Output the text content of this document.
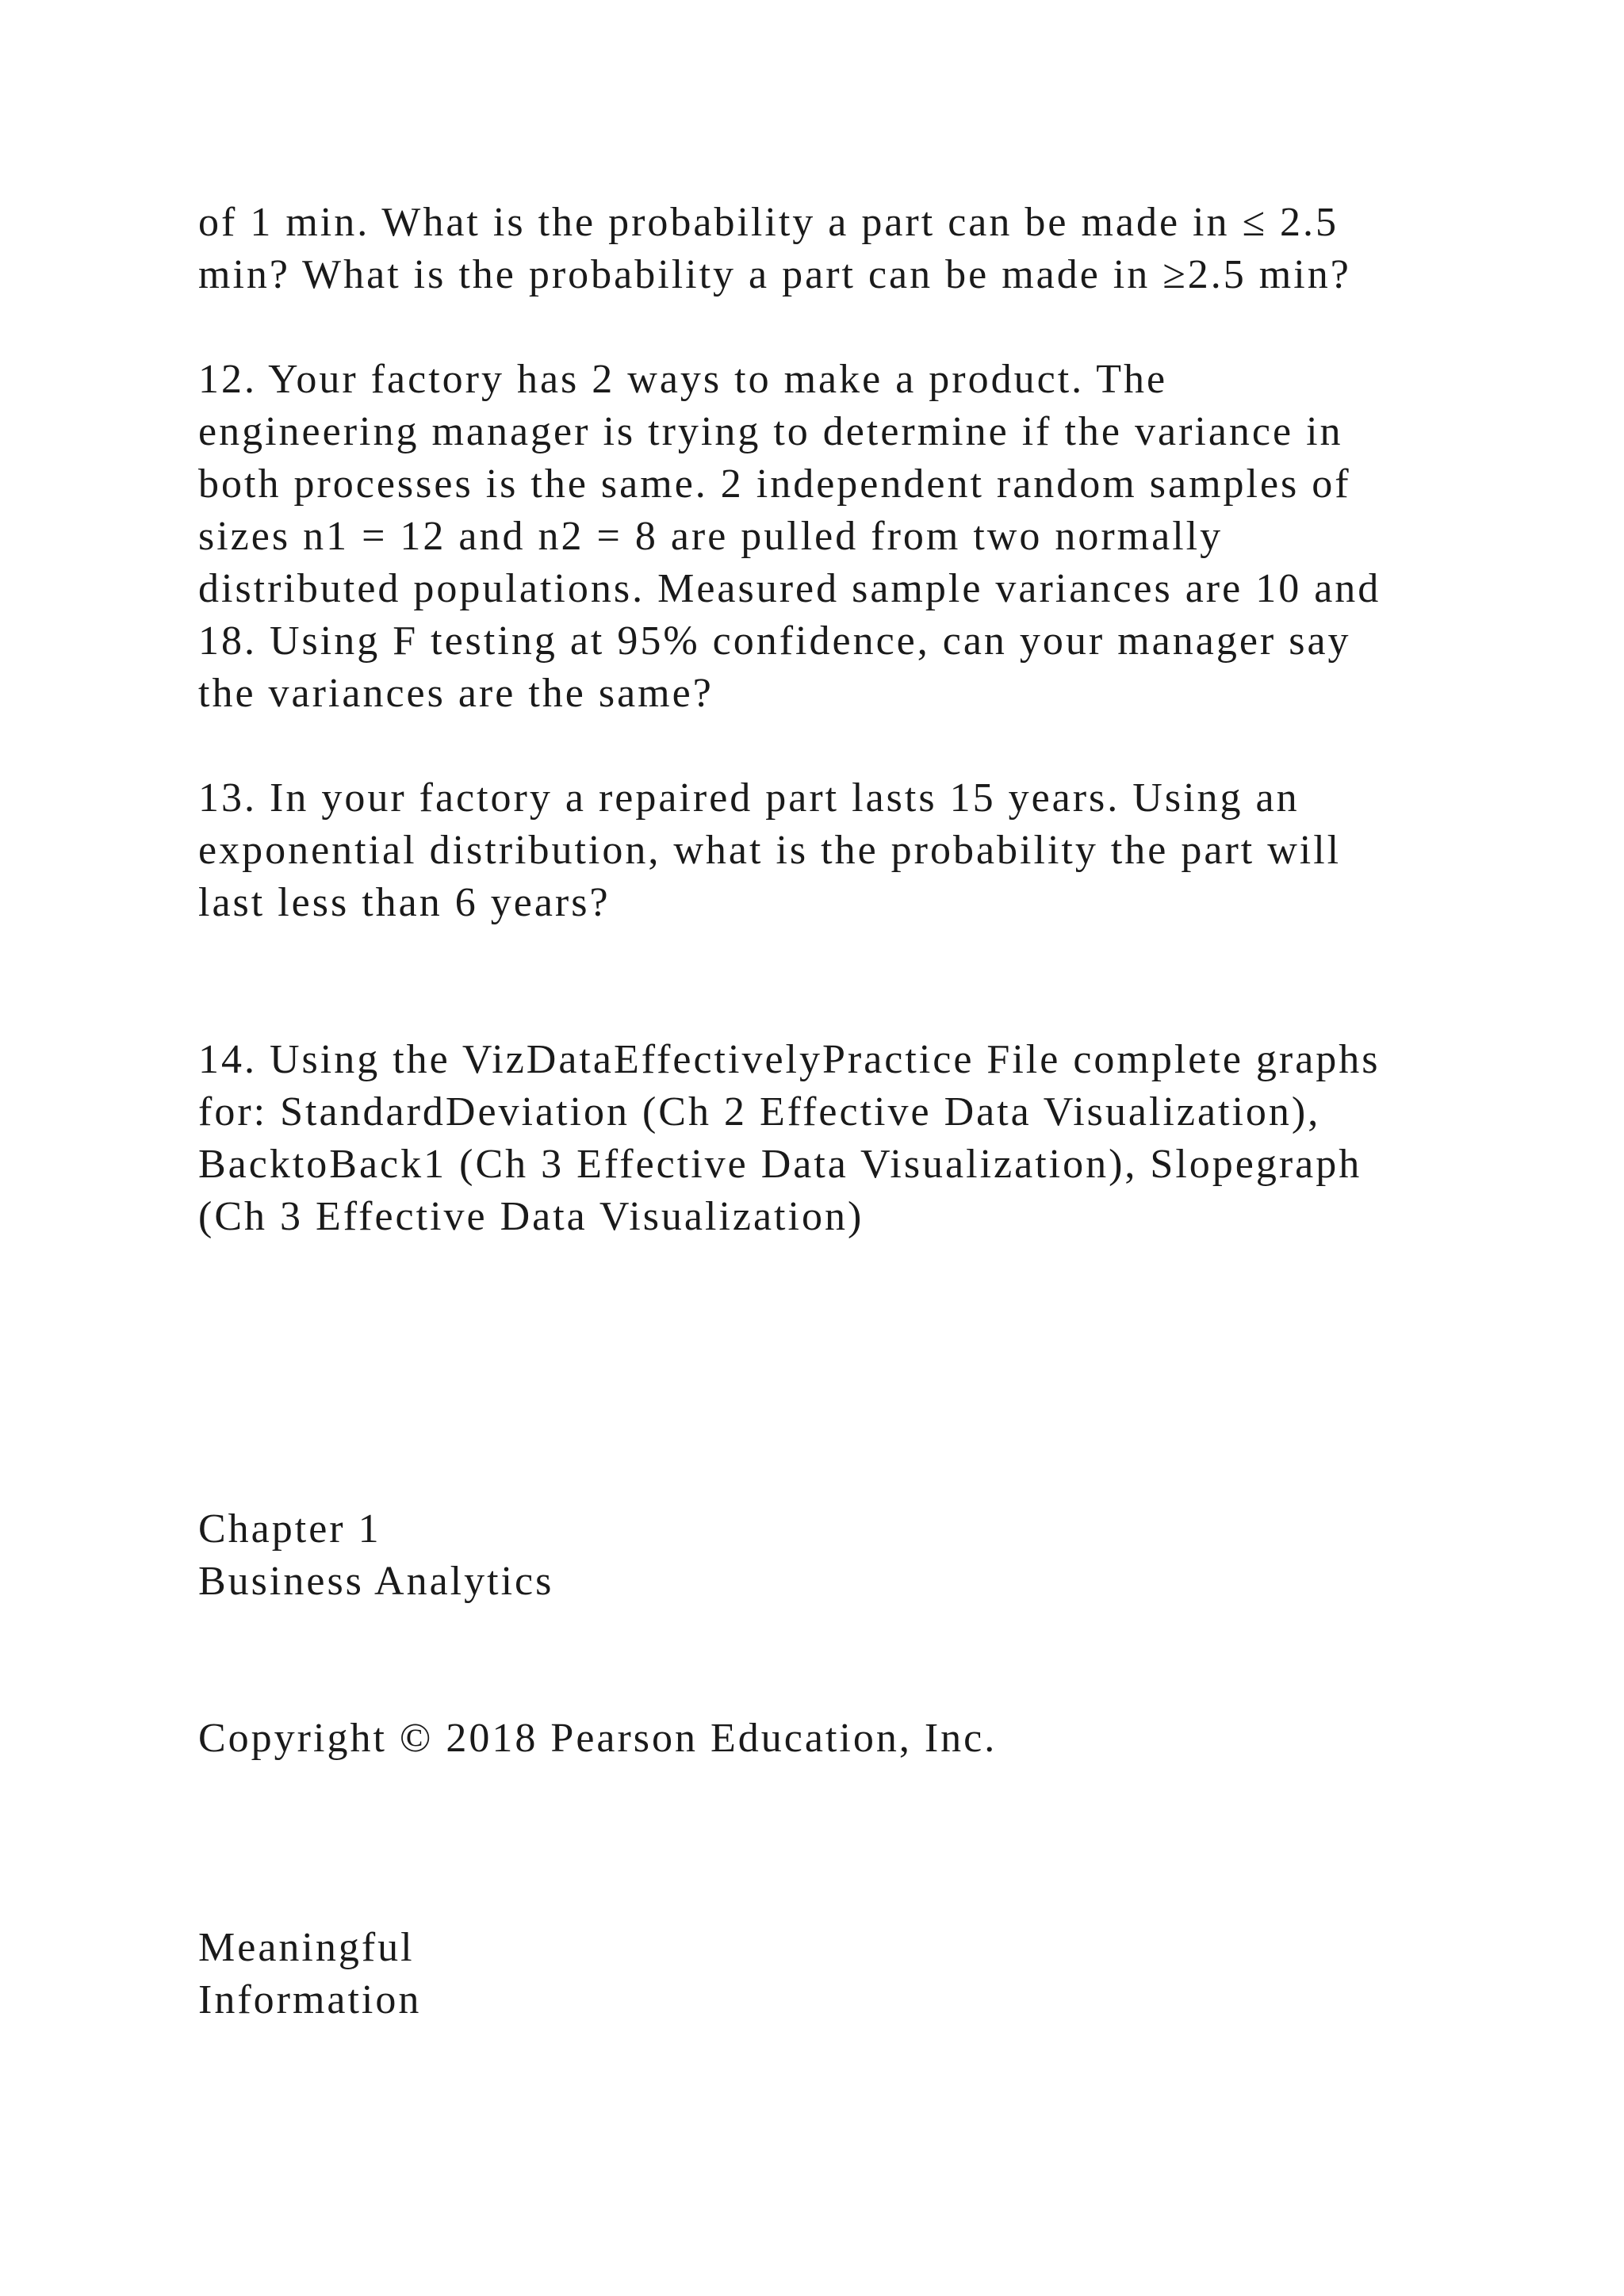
of 1 min. What is the probability a part can be made in ≤ 2.5
min? What is the probability a part can be made in ≥2.5 min?
12. Your factory has 2 ways to make a product. The
engineering manager is trying to determine if the variance in
both processes is the same. 2 independent random samples of
sizes n1 = 12 and n2 = 8 are pulled from two normally
distributed populations. Measured sample variances are 10 and
18. Using F testing at 95% confidence, can your manager say
the variances are the same?
13. In your factory a repaired part lasts 15 years. Using an
exponential distribution, what is the probability the part will
last less than 6 years?
14. Using the VizDataEffectivelyPractice File complete graphs
for: StandardDeviation (Ch 2 Effective Data Visualization),
BacktoBack1 (Ch 3 Effective Data Visualization), Slopegraph
(Ch 3 Effective Data Visualization)
Chapter 1
Business Analytics
Copyright © 2018 Pearson Education, Inc.
Meaningful
Information
